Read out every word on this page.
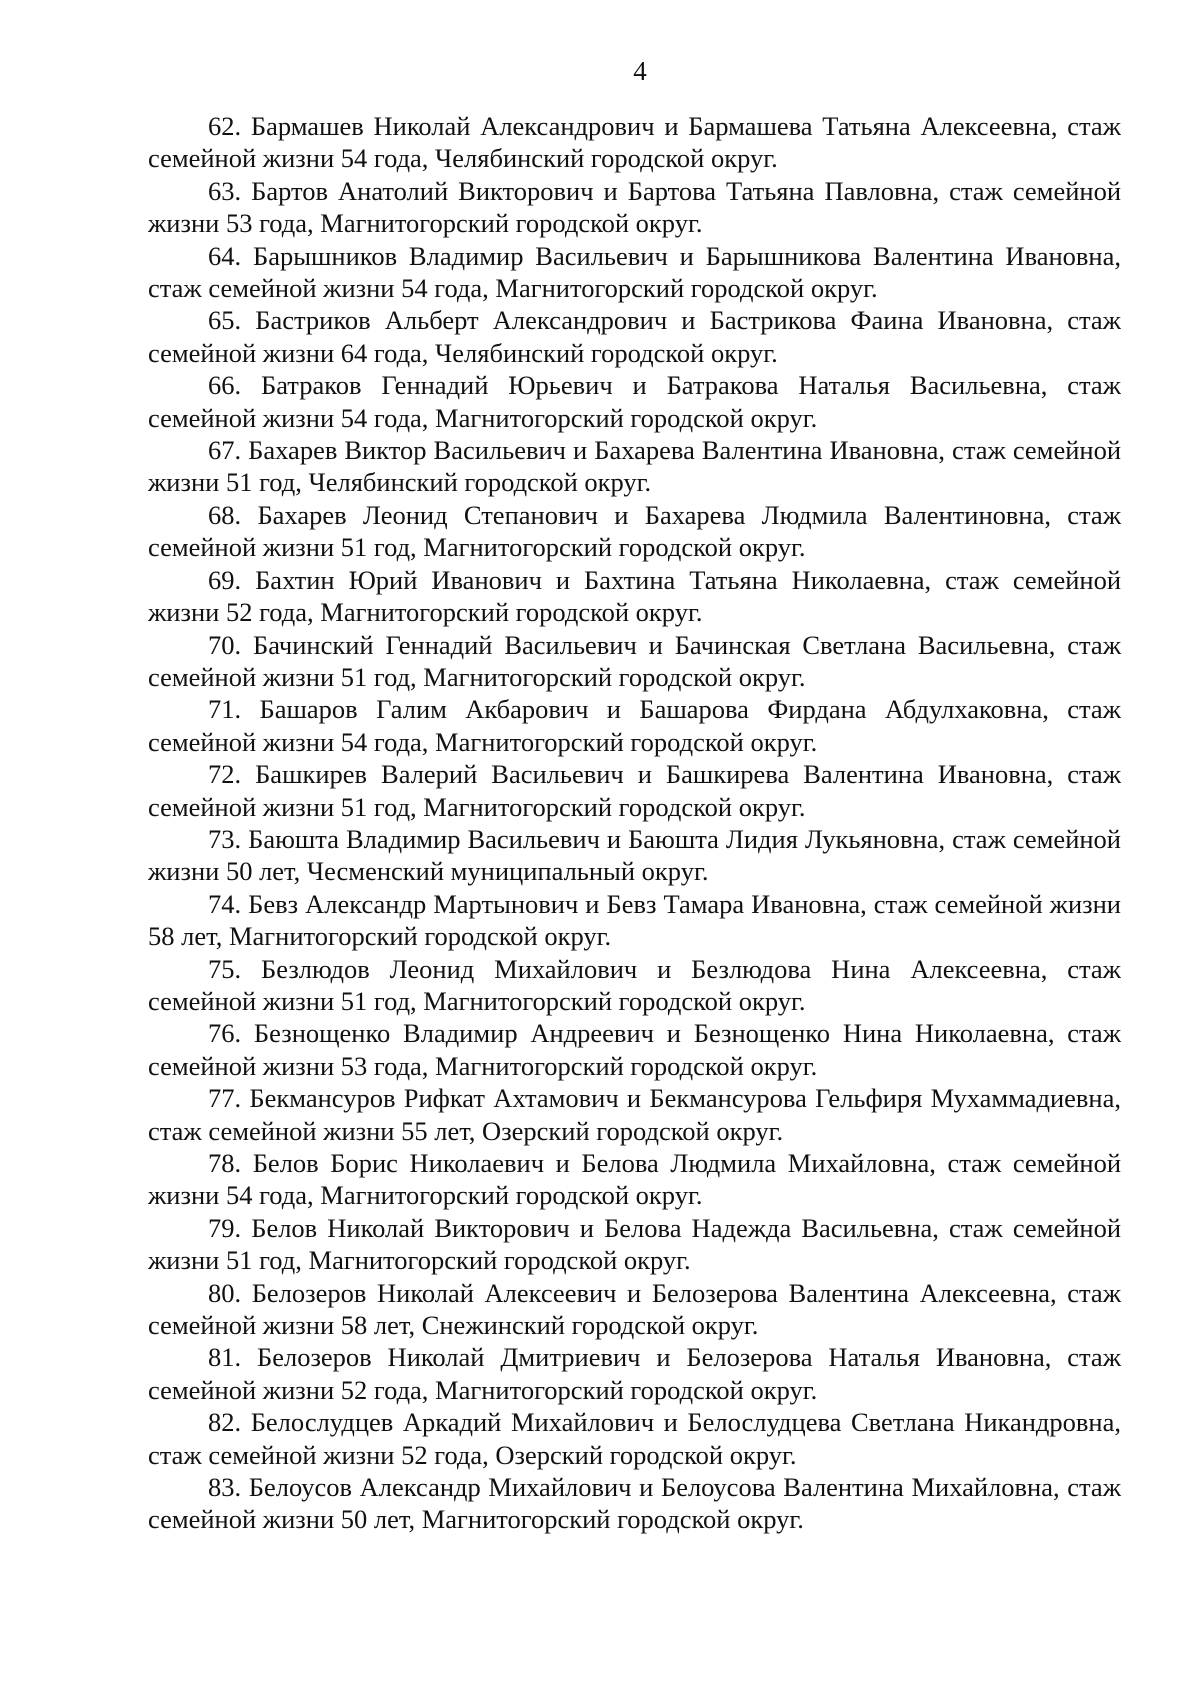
4
62. Бармашев Николай Александрович и Бармашева Татьяна Алексеевна, стаж семейной жизни 54 года, Челябинский городской округ.
63. Бартов Анатолий Викторович и Бартова Татьяна Павловна, стаж семейной жизни 53 года, Магнитогорский городской округ.
64. Барышников Владимир Васильевич и Барышникова Валентина Ивановна, стаж семейной жизни 54 года, Магнитогорский городской округ.
65. Бастриков Альберт Александрович и Бастрикова Фаина Ивановна, стаж семейной жизни 64 года, Челябинский городской округ.
66. Батраков Геннадий Юрьевич и Батракова Наталья Васильевна, стаж семейной жизни 54 года, Магнитогорский городской округ.
67. Бахарев Виктор Васильевич и Бахарева Валентина Ивановна, стаж семейной жизни 51 год, Челябинский городской округ.
68. Бахарев Леонид Степанович и Бахарева Людмила Валентиновна, стаж семейной жизни 51 год, Магнитогорский городской округ.
69. Бахтин Юрий Иванович и Бахтина Татьяна Николаевна, стаж семейной жизни 52 года, Магнитогорский городской округ.
70. Бачинский Геннадий Васильевич и Бачинская Светлана Васильевна, стаж семейной жизни 51 год, Магнитогорский городской округ.
71. Башаров Галим Акбарович и Башарова Фирдана Абдулхаковна, стаж семейной жизни 54 года, Магнитогорский городской округ.
72. Башкирев Валерий Васильевич и Башкирева Валентина Ивановна, стаж семейной жизни 51 год, Магнитогорский городской округ.
73. Баюшта Владимир Васильевич и Баюшта Лидия Лукьяновна, стаж семейной жизни 50 лет, Чесменский муниципальный округ.
74. Бевз Александр Мартынович и Бевз Тамара Ивановна, стаж семейной жизни 58 лет, Магнитогорский городской округ.
75. Безлюдов Леонид Михайлович и Безлюдова Нина Алексеевна, стаж семейной жизни 51 год, Магнитогорский городской округ.
76. Безнощенко Владимир Андреевич и Безнощенко Нина Николаевна, стаж семейной жизни 53 года, Магнитогорский городской округ.
77. Бекмансуров Рифкат Ахтамович и Бекмансурова Гельфиря Мухаммадиевна, стаж семейной жизни 55 лет, Озерский городской округ.
78. Белов Борис Николаевич и Белова Людмила Михайловна, стаж семейной жизни 54 года, Магнитогорский городской округ.
79. Белов Николай Викторович и Белова Надежда Васильевна, стаж семейной жизни 51 год, Магнитогорский городской округ.
80. Белозеров Николай Алексеевич и Белозерова Валентина Алексеевна, стаж семейной жизни 58 лет, Снежинский городской округ.
81. Белозеров Николай Дмитриевич и Белозерова Наталья Ивановна, стаж семейной жизни 52 года, Магнитогорский городской округ.
82. Белослудцев Аркадий Михайлович и Белослудцева Светлана Никандровна, стаж семейной жизни 52 года, Озерский городской округ.
83. Белоусов Александр Михайлович и Белоусова Валентина Михайловна, стаж семейной жизни 50 лет, Магнитогорский городской округ.
